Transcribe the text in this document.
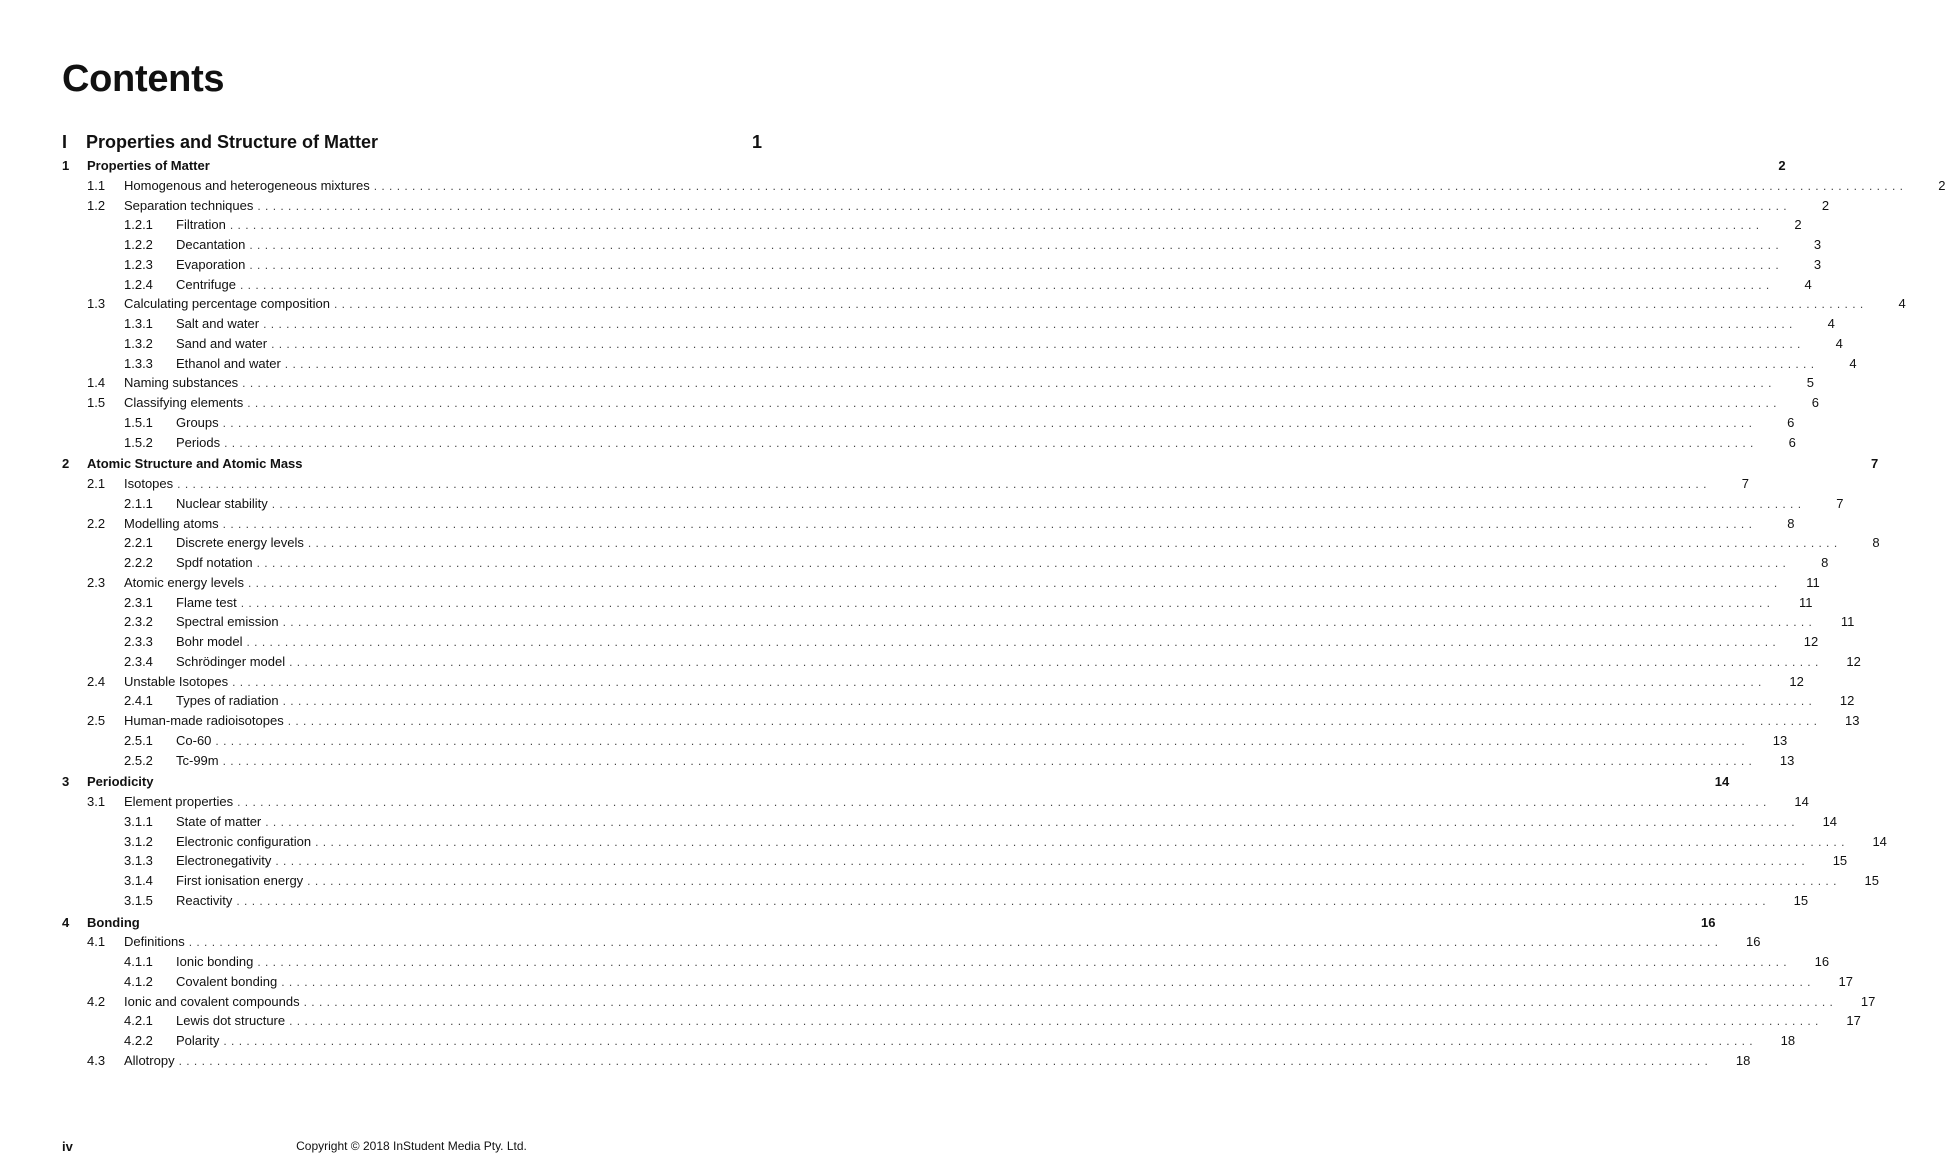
Contents
I	Properties and Structure of Matter	1
1	Properties of Matter	2
1.1	Homogenous and heterogeneous mixtures . . . . . . . . . . . . . . . . . . . . . . . . . . . . . . . . . . . . . . . . . . . . . . . . . . . . . . . . . . . . . . . . . . . . . . . . . . . . . . . . . . . . . . . . . . . . . . . . . . . . . . . . . . . . . . . . . . . . . . . . . . . . . . . . . . . . . . . . . . . . . . . . . . . . . . . . . . . . . . . . . . . . . . . . . . . . . . . . . . . . . . . . . . . . . . . . . . . . . . . .	2
1.2	Separation techniques . . . . . . . . . . . . . . . . . . . . . . . . . . . . . . . . . . . . . . . . . . . . . . . . . . . . . . . . . . . . . . . . . . . . . . . . . . . . . . . . . . . . . . . . . . . . . . . . . . . . . . . . . . . . . . . . . . . . . . . . . . . . . . . . . . . . . . . . . . . . . . . . . . . . . . . . . . . . . . . . . . . . . . . . . . . . . . . . . . . . . . . . . . . . . . . . . . . . . . . .	2
1.2.1	Filtration . . . . . . . . . . . . . . . . . . . . . . . . . . . . . . . . . . . . . . . . . . . . . . . . . . . . . . . . . . . . . . . . . . . . . . . . . . . . . . . . . . . . . . . . . . . . . . . . . . . . . . . . . . . . . . . . . . . . . . . . . . . . . . . . . . . . . . . . . . . . . . . . . . . . . . . . . . . . . . . . . . . . . . . . . . . . . . . . . . . . . . . . . . . . . . . . . . . . . . . .	2
1.2.2	Decantation . . . . . . . . . . . . . . . . . . . . . . . . . . . . . . . . . . . . . . . . . . . . . . . . . . . . . . . . . . . . . . . . . . . . . . . . . . . . . . . . . . . . . . . . . . . . . . . . . . . . . . . . . . . . . . . . . . . . . . . . . . . . . . . . . . . . . . . . . . . . . . . . . . . . . . . . . . . . . . . . . . . . . . . . . . . . . . . . . . . . . . . . . . . . . . . . . . . . . . . .	3
1.2.3	Evaporation . . . . . . . . . . . . . . . . . . . . . . . . . . . . . . . . . . . . . . . . . . . . . . . . . . . . . . . . . . . . . . . . . . . . . . . . . . . . . . . . . . . . . . . . . . . . . . . . . . . . . . . . . . . . . . . . . . . . . . . . . . . . . . . . . . . . . . . . . . . . . . . . . . . . . . . . . . . . . . . . . . . . . . . . . . . . . . . . . . . . . . . . . . . . . . . . . . . . . . . .	3
1.2.4	Centrifuge . . . . . . . . . . . . . . . . . . . . . . . . . . . . . . . . . . . . . . . . . . . . . . . . . . . . . . . . . . . . . . . . . . . . . . . . . . . . . . . . . . . . . . . . . . . . . . . . . . . . . . . . . . . . . . . . . . . . . . . . . . . . . . . . . . . . . . . . . . . . . . . . . . . . . . . . . . . . . . . . . . . . . . . . . . . . . . . . . . . . . . . . . . . . . . . . . . . . . . . .	4
1.3	Calculating percentage composition . . . . . . . . . . . . . . . . . . . . . . . . . . . . . . . . . . . . . . . . . . . . . . . . . . . . . . . . . . . . . . . . . . . . . . . . . . . . . . . . . . . . . . . . . . . . . . . . . . . . . . . . . . . . . . . . . . . . . . . . . . . . . . . . . . . . . . . . . . . . . . . . . . . . . . . . . . . . . . . . . . . . . . . . . . . . . . . . . . . . . . . . . . . . . . . . . . . . . . . .	4
1.3.1	Salt and water . . . . . . . . . . . . . . . . . . . . . . . . . . . . . . . . . . . . . . . . . . . . . . . . . . . . . . . . . . . . . . . . . . . . . . . . . . . . . . . . . . . . . . . . . . . . . . . . . . . . . . . . . . . . . . . . . . . . . . . . . . . . . . . . . . . . . . . . . . . . . . . . . . . . . . . . . . . . . . . . . . . . . . . . . . . . . . . . . . . . . . . . . . . . . . . . . . . . . . . .	4
1.3.2	Sand and water . . . . . . . . . . . . . . . . . . . . . . . . . . . . . . . . . . . . . . . . . . . . . . . . . . . . . . . . . . . . . . . . . . . . . . . . . . . . . . . . . . . . . . . . . . . . . . . . . . . . . . . . . . . . . . . . . . . . . . . . . . . . . . . . . . . . . . . . . . . . . . . . . . . . . . . . . . . . . . . . . . . . . . . . . . . . . . . . . . . . . . . . . . . . . . . . . . . . . . . .	4
1.3.3	Ethanol and water . . . . . . . . . . . . . . . . . . . . . . . . . . . . . . . . . . . . . . . . . . . . . . . . . . . . . . . . . . . . . . . . . . . . . . . . . . . . . . . . . . . . . . . . . . . . . . . . . . . . . . . . . . . . . . . . . . . . . . . . . . . . . . . . . . . . . . . . . . . . . . . . . . . . . . . . . . . . . . . . . . . . . . . . . . . . . . . . . . . . . . . . . . . . . . . . . . . . . . . .	4
1.4	Naming substances . . . . . . . . . . . . . . . . . . . . . . . . . . . . . . . . . . . . . . . . . . . . . . . . . . . . . . . . . . . . . . . . . . . . . . . . . . . . . . . . . . . . . . . . . . . . . . . . . . . . . . . . . . . . . . . . . . . . . . . . . . . . . . . . . . . . . . . . . . . . . . . . . . . . . . . . . . . . . . . . . . . . . . . . . . . . . . . . . . . . . . . . . . . . . . . . . . . . . . . .	5
1.5	Classifying elements . . . . . . . . . . . . . . . . . . . . . . . . . . . . . . . . . . . . . . . . . . . . . . . . . . . . . . . . . . . . . . . . . . . . . . . . . . . . . . . . . . . . . . . . . . . . . . . . . . . . . . . . . . . . . . . . . . . . . . . . . . . . . . . . . . . . . . . . . . . . . . . . . . . . . . . . . . . . . . . . . . . . . . . . . . . . . . . . . . . . . . . . . . . . . . . . . . . . . . . .	6
1.5.1	Groups . . . . . . . . . . . . . . . . . . . . . . . . . . . . . . . . . . . . . . . . . . . . . . . . . . . . . . . . . . . . . . . . . . . . . . . . . . . . . . . . . . . . . . . . . . . . . . . . . . . . . . . . . . . . . . . . . . . . . . . . . . . . . . . . . . . . . . . . . . . . . . . . . . . . . . . . . . . . . . . . . . . . . . . . . . . . . . . . . . . . . . . . . . . . . . . . . . . . . . . .	6
1.5.2	Periods . . . . . . . . . . . . . . . . . . . . . . . . . . . . . . . . . . . . . . . . . . . . . . . . . . . . . . . . . . . . . . . . . . . . . . . . . . . . . . . . . . . . . . . . . . . . . . . . . . . . . . . . . . . . . . . . . . . . . . . . . . . . . . . . . . . . . . . . . . . . . . . . . . . . . . . . . . . . . . . . . . . . . . . . . . . . . . . . . . . . . . . . . . . . . . . . . . . . . . . .	6
2	Atomic Structure and Atomic Mass	7
2.1	Isotopes . . . . . . . . . . . . . . . . . . . . . . . . . . . . . . . . . . . . . . . . . . . . . . . . . . . . . . . . . . . . . . . . . . . . . . . . . . . . . . . . . . . . . . . . . . . . . . . . . . . . . . . . . . . . . . . . . . . . . . . . . . . . . . . . . . . . . . . . . . . . . . . . . . . . . . . . . . . . . . . . . . . . . . . . . . . . . . . . . . . . . . . . . . . . . . . . . . . . . . . .	7
2.1.1	Nuclear stability . . . . . . . . . . . . . . . . . . . . . . . . . . . . . . . . . . . . . . . . . . . . . . . . . . . . . . . . . . . . . . . . . . . . . . . . . . . . . . . . . . . . . . . . . . . . . . . . . . . . . . . . . . . . . . . . . . . . . . . . . . . . . . . . . . . . . . . . . . . . . . . . . . . . . . . . . . . . . . . . . . . . . . . . . . . . . . . . . . . . . . . . . . . . . . . . . . . . . . . .	7
2.2	Modelling atoms . . . . . . . . . . . . . . . . . . . . . . . . . . . . . . . . . . . . . . . . . . . . . . . . . . . . . . . . . . . . . . . . . . . . . . . . . . . . . . . . . . . . . . . . . . . . . . . . . . . . . . . . . . . . . . . . . . . . . . . . . . . . . . . . . . . . . . . . . . . . . . . . . . . . . . . . . . . . . . . . . . . . . . . . . . . . . . . . . . . . . . . . . . . . . . . . . . . . . . . .	8
2.2.1	Discrete energy levels . . . . . . . . . . . . . . . . . . . . . . . . . . . . . . . . . . . . . . . . . . . . . . . . . . . . . . . . . . . . . . . . . . . . . . . . . . . . . . . . . . . . . . . . . . . . . . . . . . . . . . . . . . . . . . . . . . . . . . . . . . . . . . . . . . . . . . . . . . . . . . . . . . . . . . . . . . . . . . . . . . . . . . . . . . . . . . . . . . . . . . . . . . . . . . . . . . . . . . . .	8
2.2.2	Spdf notation . . . . . . . . . . . . . . . . . . . . . . . . . . . . . . . . . . . . . . . . . . . . . . . . . . . . . . . . . . . . . . . . . . . . . . . . . . . . . . . . . . . . . . . . . . . . . . . . . . . . . . . . . . . . . . . . . . . . . . . . . . . . . . . . . . . . . . . . . . . . . . . . . . . . . . . . . . . . . . . . . . . . . . . . . . . . . . . . . . . . . . . . . . . . . . . . . . . . . . . .	8
2.3	Atomic energy levels . . . . . . . . . . . . . . . . . . . . . . . . . . . . . . . . . . . . . . . . . . . . . . . . . . . . . . . . . . . . . . . . . . . . . . . . . . . . . . . . . . . . . . . . . . . . . . . . . . . . . . . . . . . . . . . . . . . . . . . . . . . . . . . . . . . . . . . . . . . . . . . . . . . . . . . . . . . . . . . . . . . . . . . . . . . . . . . . . . . . . . . . . . . . . . . . . . . . . . . .	11
2.3.1	Flame test . . . . . . . . . . . . . . . . . . . . . . . . . . . . . . . . . . . . . . . . . . . . . . . . . . . . . . . . . . . . . . . . . . . . . . . . . . . . . . . . . . . . . . . . . . . . . . . . . . . . . . . . . . . . . . . . . . . . . . . . . . . . . . . . . . . . . . . . . . . . . . . . . . . . . . . . . . . . . . . . . . . . . . . . . . . . . . . . . . . . . . . . . . . . . . . . . . . . . . . .	11
2.3.2	Spectral emission . . . . . . . . . . . . . . . . . . . . . . . . . . . . . . . . . . . . . . . . . . . . . . . . . . . . . . . . . . . . . . . . . . . . . . . . . . . . . . . . . . . . . . . . . . . . . . . . . . . . . . . . . . . . . . . . . . . . . . . . . . . . . . . . . . . . . . . . . . . . . . . . . . . . . . . . . . . . . . . . . . . . . . . . . . . . . . . . . . . . . . . . . . . . . . . . . . . . . . . .	11
2.3.3	Bohr model . . . . . . . . . . . . . . . . . . . . . . . . . . . . . . . . . . . . . . . . . . . . . . . . . . . . . . . . . . . . . . . . . . . . . . . . . . . . . . . . . . . . . . . . . . . . . . . . . . . . . . . . . . . . . . . . . . . . . . . . . . . . . . . . . . . . . . . . . . . . . . . . . . . . . . . . . . . . . . . . . . . . . . . . . . . . . . . . . . . . . . . . . . . . . . . . . . . . . . . .	12
2.3.4	Schrödinger model . . . . . . . . . . . . . . . . . . . . . . . . . . . . . . . . . . . . . . . . . . . . . . . . . . . . . . . . . . . . . . . . . . . . . . . . . . . . . . . . . . . . . . . . . . . . . . . . . . . . . . . . . . . . . . . . . . . . . . . . . . . . . . . . . . . . . . . . . . . . . . . . . . . . . . . . . . . . . . . . . . . . . . . . . . . . . . . . . . . . . . . . . . . . . . . . . . . . . . . .	12
2.4	Unstable Isotopes . . . . . . . . . . . . . . . . . . . . . . . . . . . . . . . . . . . . . . . . . . . . . . . . . . . . . . . . . . . . . . . . . . . . . . . . . . . . . . . . . . . . . . . . . . . . . . . . . . . . . . . . . . . . . . . . . . . . . . . . . . . . . . . . . . . . . . . . . . . . . . . . . . . . . . . . . . . . . . . . . . . . . . . . . . . . . . . . . . . . . . . . . . . . . . . . . . . . . . . .	12
2.4.1	Types of radiation . . . . . . . . . . . . . . . . . . . . . . . . . . . . . . . . . . . . . . . . . . . . . . . . . . . . . . . . . . . . . . . . . . . . . . . . . . . . . . . . . . . . . . . . . . . . . . . . . . . . . . . . . . . . . . . . . . . . . . . . . . . . . . . . . . . . . . . . . . . . . . . . . . . . . . . . . . . . . . . . . . . . . . . . . . . . . . . . . . . . . . . . . . . . . . . . . . . . . . . .	12
2.5	Human-made radioisotopes . . . . . . . . . . . . . . . . . . . . . . . . . . . . . . . . . . . . . . . . . . . . . . . . . . . . . . . . . . . . . . . . . . . . . . . . . . . . . . . . . . . . . . . . . . . . . . . . . . . . . . . . . . . . . . . . . . . . . . . . . . . . . . . . . . . . . . . . . . . . . . . . . . . . . . . . . . . . . . . . . . . . . . . . . . . . . . . . . . . . . . . . . . . . . . . . . . . . . . . .	13
2.5.1	Co-60 . . . . . . . . . . . . . . . . . . . . . . . . . . . . . . . . . . . . . . . . . . . . . . . . . . . . . . . . . . . . . . . . . . . . . . . . . . . . . . . . . . . . . . . . . . . . . . . . . . . . . . . . . . . . . . . . . . . . . . . . . . . . . . . . . . . . . . . . . . . . . . . . . . . . . . . . . . . . . . . . . . . . . . . . . . . . . . . . . . . . . . . . . . . . . . . . . . . . . . . .	13
2.5.2	Tc-99m . . . . . . . . . . . . . . . . . . . . . . . . . . . . . . . . . . . . . . . . . . . . . . . . . . . . . . . . . . . . . . . . . . . . . . . . . . . . . . . . . . . . . . . . . . . . . . . . . . . . . . . . . . . . . . . . . . . . . . . . . . . . . . . . . . . . . . . . . . . . . . . . . . . . . . . . . . . . . . . . . . . . . . . . . . . . . . . . . . . . . . . . . . . . . . . . . . . . . . . .	13
3	Periodicity	14
3.1	Element properties . . . . . . . . . . . . . . . . . . . . . . . . . . . . . . . . . . . . . . . . . . . . . . . . . . . . . . . . . . . . . . . . . . . . . . . . . . . . . . . . . . . . . . . . . . . . . . . . . . . . . . . . . . . . . . . . . . . . . . . . . . . . . . . . . . . . . . . . . . . . . . . . . . . . . . . . . . . . . . . . . . . . . . . . . . . . . . . . . . . . . . . . . . . . . . . . . . . . . . . .	14
3.1.1	State of matter . . . . . . . . . . . . . . . . . . . . . . . . . . . . . . . . . . . . . . . . . . . . . . . . . . . . . . . . . . . . . . . . . . . . . . . . . . . . . . . . . . . . . . . . . . . . . . . . . . . . . . . . . . . . . . . . . . . . . . . . . . . . . . . . . . . . . . . . . . . . . . . . . . . . . . . . . . . . . . . . . . . . . . . . . . . . . . . . . . . . . . . . . . . . . . . . . . . . . . . .	14
3.1.2	Electronic configuration . . . . . . . . . . . . . . . . . . . . . . . . . . . . . . . . . . . . . . . . . . . . . . . . . . . . . . . . . . . . . . . . . . . . . . . . . . . . . . . . . . . . . . . . . . . . . . . . . . . . . . . . . . . . . . . . . . . . . . . . . . . . . . . . . . . . . . . . . . . . . . . . . . . . . . . . . . . . . . . . . . . . . . . . . . . . . . . . . . . . . . . . . . . . . . . . . . . . . . . .	14
3.1.3	Electronegativity . . . . . . . . . . . . . . . . . . . . . . . . . . . . . . . . . . . . . . . . . . . . . . . . . . . . . . . . . . . . . . . . . . . . . . . . . . . . . . . . . . . . . . . . . . . . . . . . . . . . . . . . . . . . . . . . . . . . . . . . . . . . . . . . . . . . . . . . . . . . . . . . . . . . . . . . . . . . . . . . . . . . . . . . . . . . . . . . . . . . . . . . . . . . . . . . . . . . . . . .	15
3.1.4	First ionisation energy . . . . . . . . . . . . . . . . . . . . . . . . . . . . . . . . . . . . . . . . . . . . . . . . . . . . . . . . . . . . . . . . . . . . . . . . . . . . . . . . . . . . . . . . . . . . . . . . . . . . . . . . . . . . . . . . . . . . . . . . . . . . . . . . . . . . . . . . . . . . . . . . . . . . . . . . . . . . . . . . . . . . . . . . . . . . . . . . . . . . . . . . . . . . . . . . . . . . . . . .	15
3.1.5	Reactivity . . . . . . . . . . . . . . . . . . . . . . . . . . . . . . . . . . . . . . . . . . . . . . . . . . . . . . . . . . . . . . . . . . . . . . . . . . . . . . . . . . . . . . . . . . . . . . . . . . . . . . . . . . . . . . . . . . . . . . . . . . . . . . . . . . . . . . . . . . . . . . . . . . . . . . . . . . . . . . . . . . . . . . . . . . . . . . . . . . . . . . . . . . . . . . . . . . . . . . . .	15
4	Bonding	16
4.1	Definitions . . . . . . . . . . . . . . . . . . . . . . . . . . . . . . . . . . . . . . . . . . . . . . . . . . . . . . . . . . . . . . . . . . . . . . . . . . . . . . . . . . . . . . . . . . . . . . . . . . . . . . . . . . . . . . . . . . . . . . . . . . . . . . . . . . . . . . . . . . . . . . . . . . . . . . . . . . . . . . . . . . . . . . . . . . . . . . . . . . . . . . . . . . . . . . . . . . . . . . . .	16
4.1.1	Ionic bonding . . . . . . . . . . . . . . . . . . . . . . . . . . . . . . . . . . . . . . . . . . . . . . . . . . . . . . . . . . . . . . . . . . . . . . . . . . . . . . . . . . . . . . . . . . . . . . . . . . . . . . . . . . . . . . . . . . . . . . . . . . . . . . . . . . . . . . . . . . . . . . . . . . . . . . . . . . . . . . . . . . . . . . . . . . . . . . . . . . . . . . . . . . . . . . . . . . . . . . . .	16
4.1.2	Covalent bonding . . . . . . . . . . . . . . . . . . . . . . . . . . . . . . . . . . . . . . . . . . . . . . . . . . . . . . . . . . . . . . . . . . . . . . . . . . . . . . . . . . . . . . . . . . . . . . . . . . . . . . . . . . . . . . . . . . . . . . . . . . . . . . . . . . . . . . . . . . . . . . . . . . . . . . . . . . . . . . . . . . . . . . . . . . . . . . . . . . . . . . . . . . . . . . . . . . . . . . . .	17
4.2	Ionic and covalent compounds . . . . . . . . . . . . . . . . . . . . . . . . . . . . . . . . . . . . . . . . . . . . . . . . . . . . . . . . . . . . . . . . . . . . . . . . . . . . . . . . . . . . . . . . . . . . . . . . . . . . . . . . . . . . . . . . . . . . . . . . . . . . . . . . . . . . . . . . . . . . . . . . . . . . . . . . . . . . . . . . . . . . . . . . . . . . . . . . . . . . . . . . . . . . . . . . . . . . . . . .	17
4.2.1	Lewis dot structure . . . . . . . . . . . . . . . . . . . . . . . . . . . . . . . . . . . . . . . . . . . . . . . . . . . . . . . . . . . . . . . . . . . . . . . . . . . . . . . . . . . . . . . . . . . . . . . . . . . . . . . . . . . . . . . . . . . . . . . . . . . . . . . . . . . . . . . . . . . . . . . . . . . . . . . . . . . . . . . . . . . . . . . . . . . . . . . . . . . . . . . . . . . . . . . . . . . . . . . .	17
4.2.2	Polarity . . . . . . . . . . . . . . . . . . . . . . . . . . . . . . . . . . . . . . . . . . . . . . . . . . . . . . . . . . . . . . . . . . . . . . . . . . . . . . . . . . . . . . . . . . . . . . . . . . . . . . . . . . . . . . . . . . . . . . . . . . . . . . . . . . . . . . . . . . . . . . . . . . . . . . . . . . . . . . . . . . . . . . . . . . . . . . . . . . . . . . . . . . . . . . . . . . . . . . . .	18
4.3	Allotropy . . . . . . . . . . . . . . . . . . . . . . . . . . . . . . . . . . . . . . . . . . . . . . . . . . . . . . . . . . . . . . . . . . . . . . . . . . . . . . . . . . . . . . . . . . . . . . . . . . . . . . . . . . . . . . . . . . . . . . . . . . . . . . . . . . . . . . . . . . . . . . . . . . . . . . . . . . . . . . . . . . . . . . . . . . . . . . . . . . . . . . . . . . . . . . . . . . . . . . . .	18
iv	Copyright © 2018 InStudent Media Pty. Ltd.
